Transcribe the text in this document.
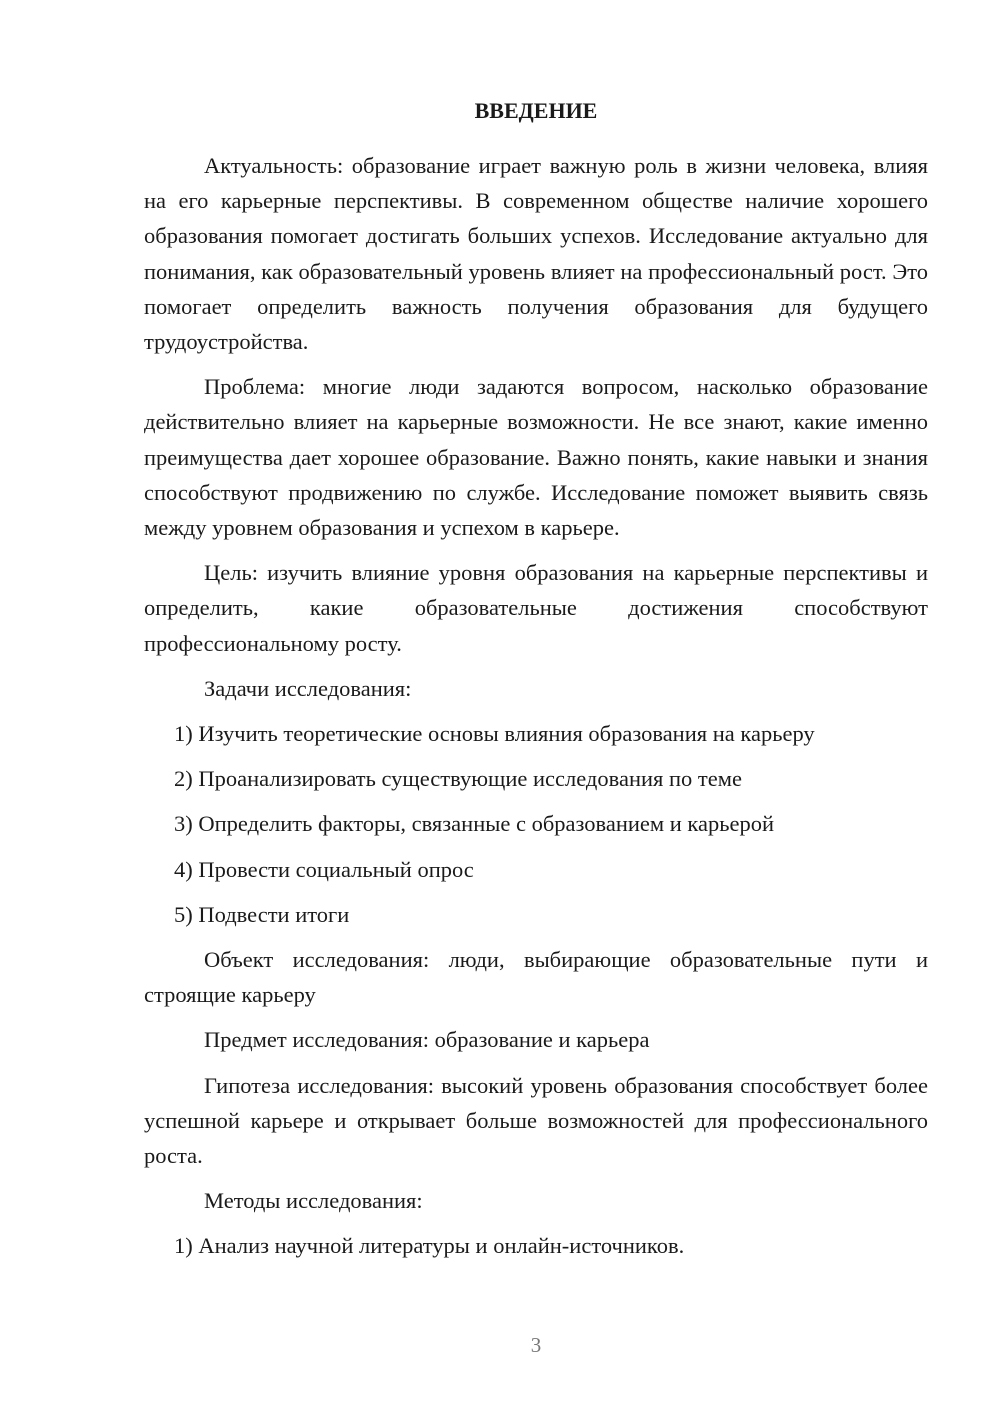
ВВЕДЕНИЕ

Актуальность: образование играет важную роль в жизни человека, влияя на его карьерные перспективы. В современном обществе наличие хорошего образования помогает достигать больших успехов. Исследование актуально для понимания, как образовательный уровень влияет на профессиональный рост. Это помогает определить важность получения образования для будущего трудоустройства.

Проблема: многие люди задаются вопросом, насколько образование действительно влияет на карьерные возможности. Не все знают, какие именно преимущества дает хорошее образование. Важно понять, какие навыки и знания способствуют продвижению по службе. Исследование поможет выявить связь между уровнем образования и успехом в карьере.

Цель: изучить влияние уровня образования на карьерные перспективы и определить, какие образовательные достижения способствуют профессиональному росту.

Задачи исследования:

1) Изучить теоретические основы влияния образования на карьеру
2) Проанализировать существующие исследования по теме
3) Определить факторы, связанные с образованием и карьерой
4) Провести социальный опрос
5) Подвести итоги

Объект исследования: люди, выбирающие образовательные пути и строящие карьеру

Предмет исследования: образование и карьера

Гипотеза исследования: высокий уровень образования способствует более успешной карьере и открывает больше возможностей для профессионального роста.

Методы исследования:

1) Анализ научной литературы и онлайн-источников.
3
